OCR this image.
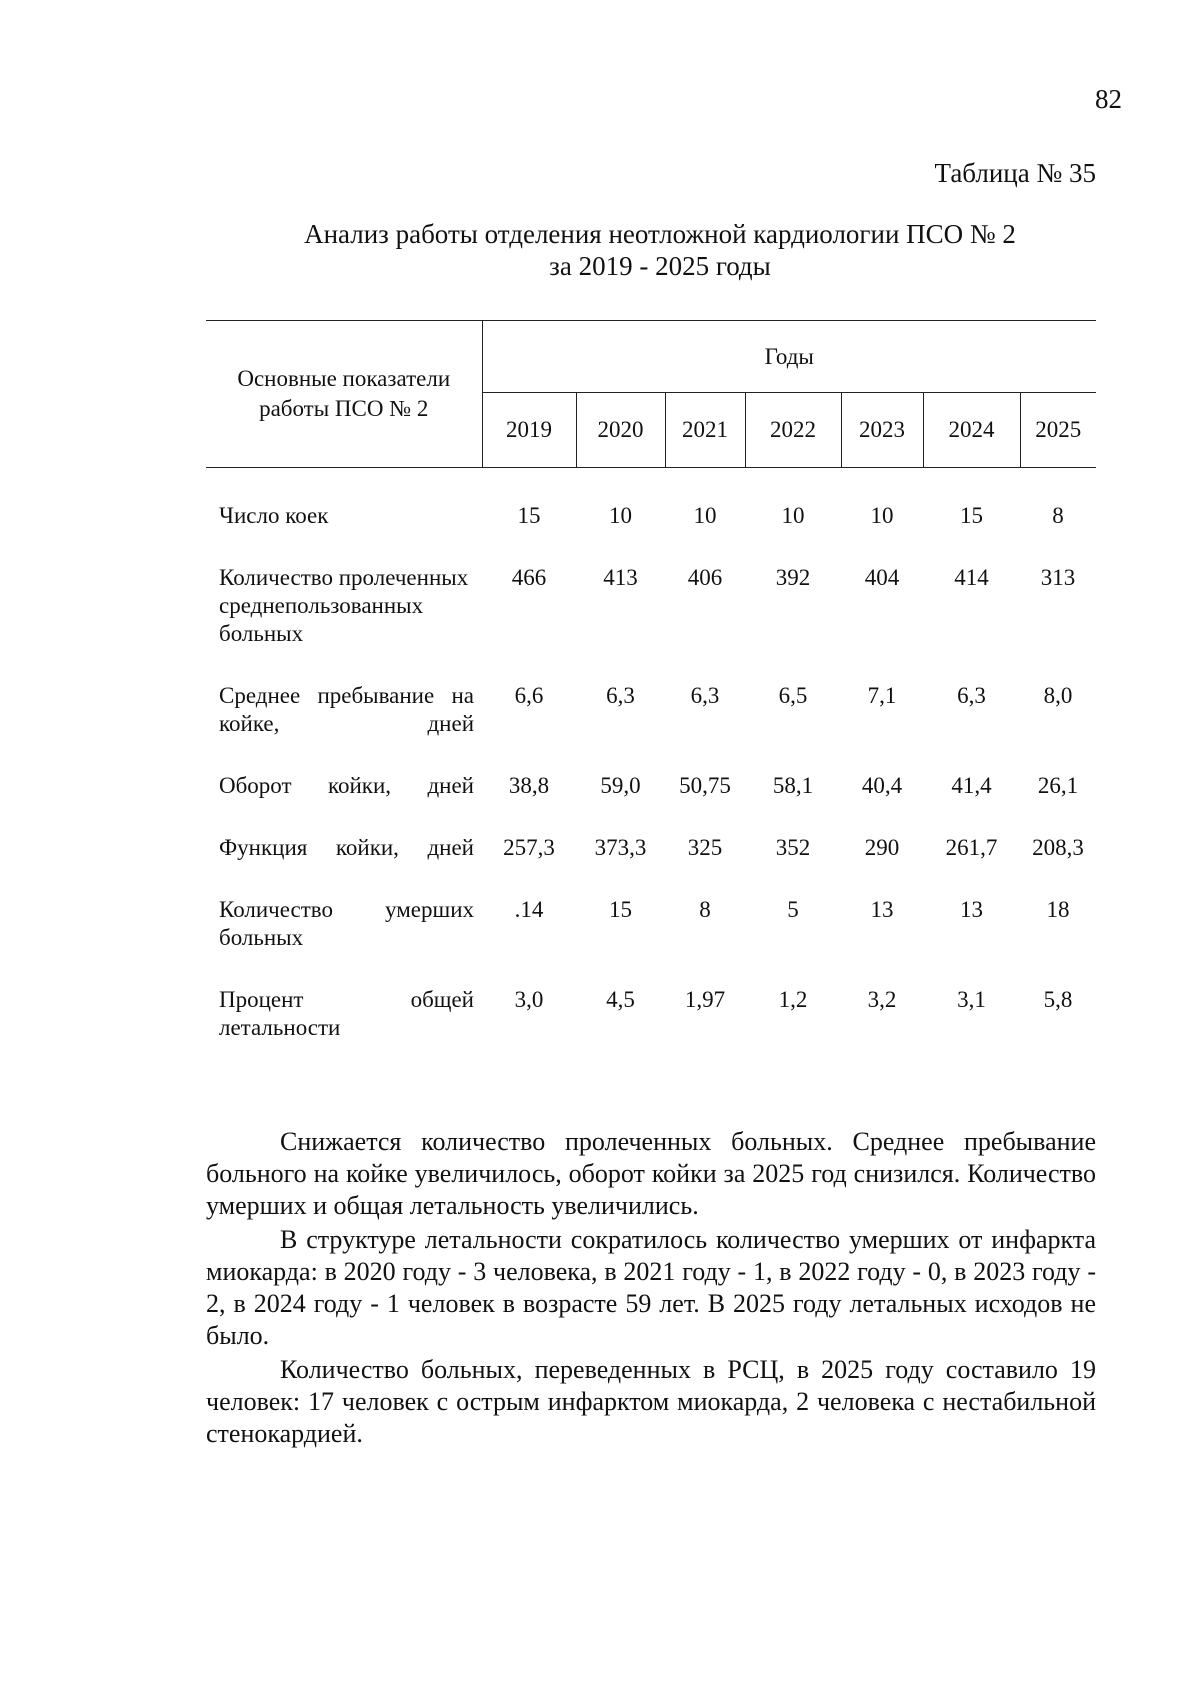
82
Таблица № 35
Анализ работы отделения неотложной кардиологии ПСО № 2
за 2019 - 2025 годы
Основные показатели работы ПСО № 2	Годы						
	2019	2020	2021	2022	2023	2024	2025

Число коек	15	10	10	10	10	15	8

Количество пролеченных среднепользованных больных	466	413	406	392	404	414	313

Среднее пребывание на койке, дней	6,6	6,3	6,3	6,5	7,1	6,3	8,0

Оборот койки, дней	38,8	59,0	50,75	58,1	40,4	41,4	26,1

Функция койки, дней	257,3	373,3	325	352	290	261,7	208,3

Количество умерших больных	.14	15	8	5	13	13	18

Процент общей летальности	3,0	4,5	1,97	1,2	3,2	3,1	5,8

Снижается количество пролеченных больных. Среднее пребывание больного на койке увеличилось, оборот койки за 2025 год снизился. Количество умерших и общая летальность увеличились.

В структуре летальности сократилось количество умерших от инфаркта миокарда: в 2020 году - 3 человека, в 2021 году - 1, в 2022 году - 0, в 2023 году - 2, в 2024 году - 1 человек в возрасте 59 лет. В 2025 году летальных исходов не было.

Количество больных, переведенных в РСЦ, в 2025 году составило 19 человек: 17 человек с острым инфарктом миокарда, 2 человека с нестабильной стенокардией.
